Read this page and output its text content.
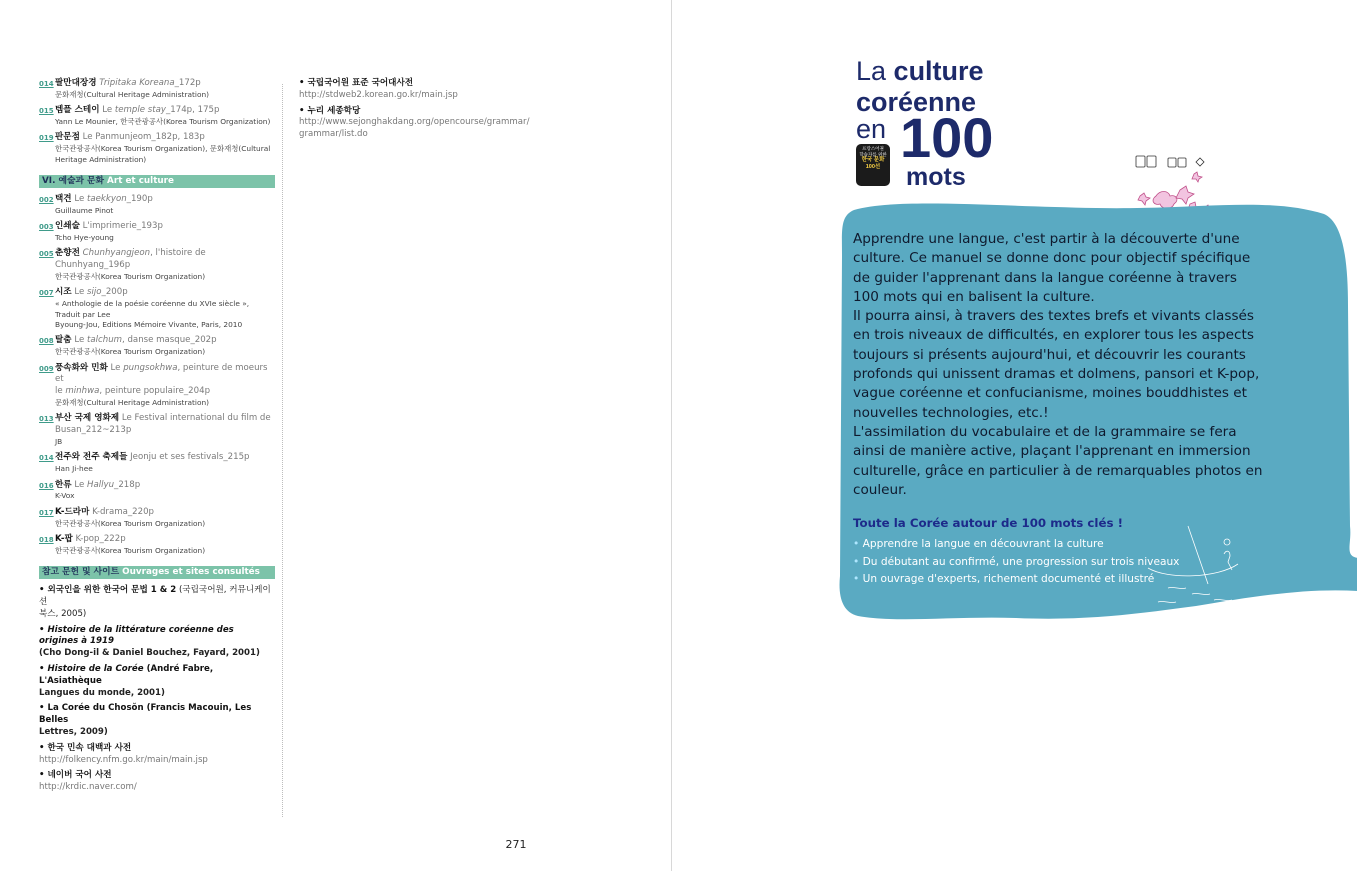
014 팔만대장경 Tripitaka Koreana_172p
문화재청(Cultural Heritage Administration)
015 템플 스테이 Le temple stay_174p, 175p
Yann Le Mounier, 한국관광공사(Korea Tourism Organization)
019 판문점 Le Panmunjeom_182p, 183p
한국관광공사(Korea Tourism Organization), 문화재청(Cultural
Heritage Administration)
VI. 예술과 문화 Art et culture
002 택견 Le taekkyon_190p
Guillaume Pinot
003 인쇄술 L'imprimerie_193p
Tcho Hye-young
005 춘향전 Chunhyangjeon, l'histoire de Chunhyang_196p
한국관광공사(Korea Tourism Organization)
007 시조 Le sijo_200p
« Anthologie de la poésie coréenne du XVIe siècle », Traduit par Lee
Byoung-Jou, Editions Mémoire Vivante, Paris, 2010
008 탈춤 Le talchum, danse masque_202p
한국관광공사(Korea Tourism Organization)
009 풍속화와 민화 Le pungsokhwa, peinture de moeurs et
le minhwa, peinture populaire_204p
문화재청(Cultural Heritage Administration)
013 부산 국제 영화제 Le Festival international du film de
Busan_212~213p
JB
014 전주와 전주 축제들 Jeonju et ses festivals_215p
Han Ji-hee
016 한류 Le Hallyu_218p
K-Vox
017 K-드라마 K-drama_220p
한국관광공사(Korea Tourism Organization)
018 K-팝 K-pop_222p
한국관광공사(Korea Tourism Organization)
참고 문헌 및 사이트 Ouvrages et sites consultés
• 외국인을 위한 한국어 문법 1 & 2 (국립국어원, 커뮤니케이션
북스, 2005)
• Histoire de la littérature coréenne des origines à 1919
(Cho Dong-il & Daniel Bouchez, Fayard, 2001)
• Histoire de la Corée (André Fabre, L'Asiathèque
Langues du monde, 2001)
• La Corée du Chosŏn (Francis Macouin, Les Belles
Lettres, 2009)
• 한국 민속 대백과 사전
http://folkency.nfm.go.kr/main/main.jsp
• 네이버 국어 사전
http://krdic.naver.com/
• 국립국어원 표준 국어대사전
http://stdweb2.korean.go.kr/main.jsp
• 누리 세종학당
http://www.sejonghakdang.org/opencourse/grammar/
grammar/list.do
271
La culture
coréenne
en 100
mots
프랑스어권
학습자를 위한
한국 문화
100선

Apprendre une langue, c'est partir à la découverte d'une culture. Ce manuel se donne donc pour objectif spécifique de guider l'apprenant dans la langue coréenne à travers 100 mots qui en balisent la culture.

Il pourra ainsi, à travers des textes brefs et vivants classés en trois niveaux de difficultés, en explorer tous les aspects toujours si présents aujourd'hui, et découvrir les courants profonds qui unissent dramas et dolmens, pansori et K-pop, vague coréenne et confucianisme, moines bouddhistes et nouvelles technologies, etc.!

L'assimilation du vocabulaire et de la grammaire se fera ainsi de manière active, plaçant l'apprenant en immersion culturelle, grâce en particulier à de remarquables photos en couleur.

Toute la Corée autour de 100 mots clés !
• Apprendre la langue en découvrant la culture
• Du débutant au confirmé, une progression sur trois niveaux
• Un ouvrage d'experts, richement documenté et illustré
